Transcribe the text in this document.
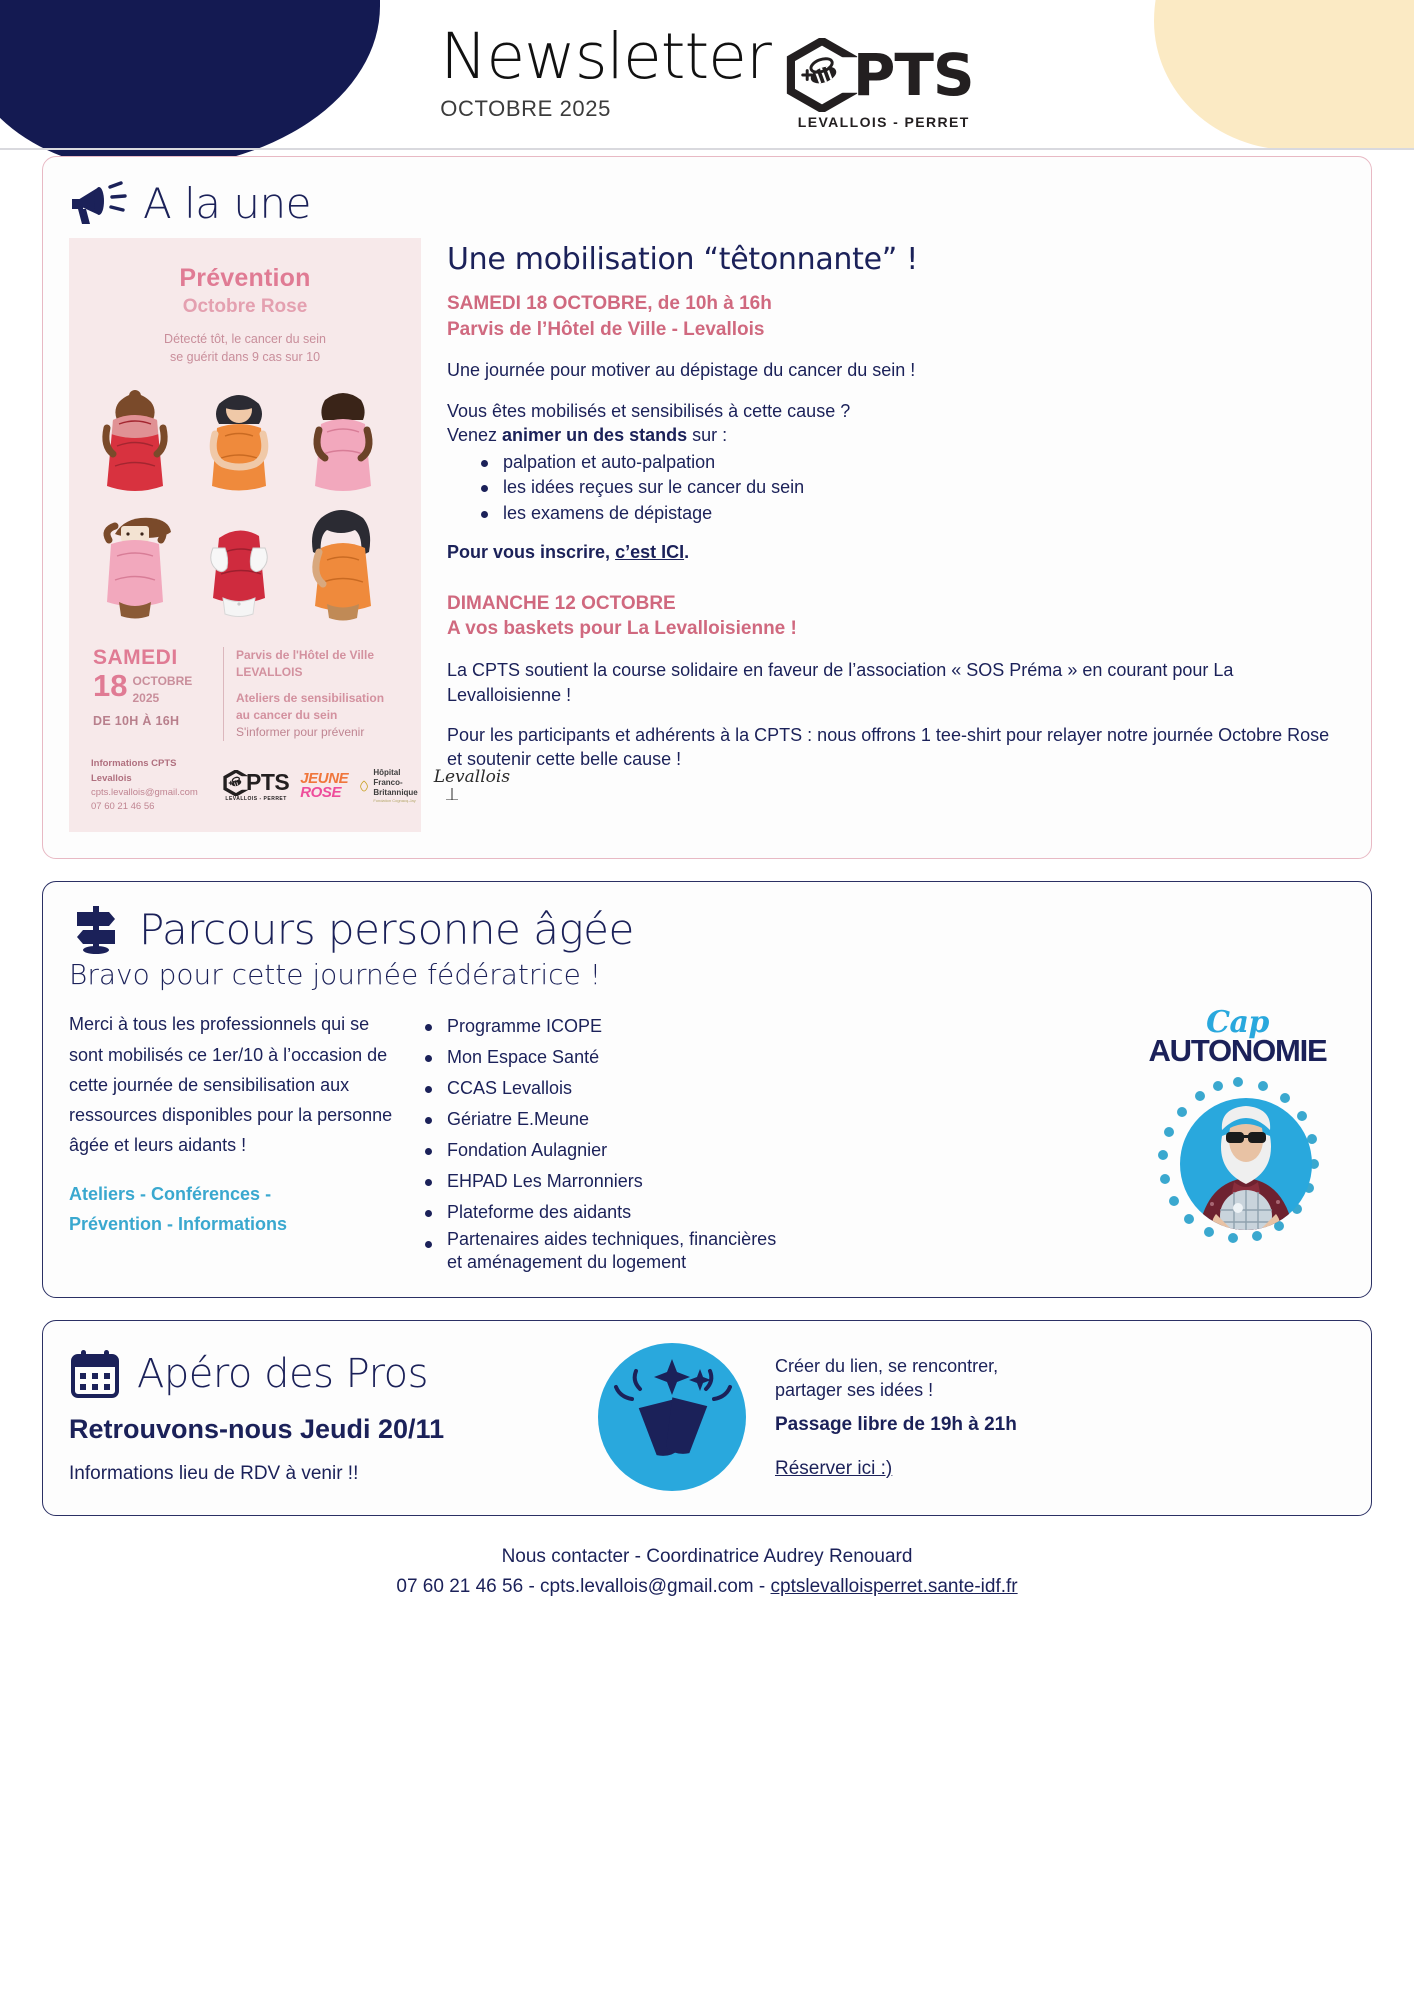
Newsletter
OCTOBRE 2025	PTS
LEVALLOIS - PERRET
A la une
Prévention
Octobre Rose
Détecté tôt, le cancer du sein
se guérit dans 9 cas sur 10
SAMEDI
18 OCTOBRE
2025
DE 10H À 16H
Parvis de l'Hôtel de Ville
LEVALLOIS
Ateliers de sensibilisation
au cancer du sein
S'informer pour prévenir
Informations CPTS Levallois
cpts.levallois@gmail.com
07 60 21 46 56
PTS
LEVALLOIS - PERRET
JEUNE
ROSE
Hôpital
Franco-Britannique
Fondation Cognacq-Jay
Levallois
Une mobilisation “têtonnante” !
SAMEDI 18 OCTOBRE, de 10h à 16h
Parvis de l’Hôtel de Ville - Levallois
Une journée pour motiver au dépistage du cancer du sein !
Vous êtes mobilisés et sensibilisés à cette cause ?
Venez animer un des stands sur :
palpation et auto-palpation
les idées reçues sur le cancer du sein
les examens de dépistage
Pour vous inscrire, c’est ICI.
DIMANCHE 12 OCTOBRE
A vos baskets pour La Levalloisienne !
La CPTS soutient la course solidaire en faveur de l’association « SOS Préma » en courant pour La Levalloisienne !
Pour les participants et adhérents à la CPTS : nous offrons 1 tee-shirt pour relayer notre journée Octobre Rose et soutenir cette belle cause !
Parcours personne âgée
Bravo pour cette journée fédératrice !
Merci à tous les professionnels qui se sont mobilisés ce 1er/10 à l’occasion de cette journée de sensibilisation aux ressources disponibles pour la personne âgée et leurs aidants !
Ateliers - Conférences -
Prévention - Informations
Programme ICOPE
Mon Espace Santé
CCAS Levallois
Gériatre E.Meune
Fondation Aulagnier
EHPAD Les Marronniers
Plateforme des aidants
Partenaires aides techniques, financières
et aménagement du logement
Cap
AUTONOMIE
Apéro des Pros
Retrouvons-nous Jeudi 20/11
Informations lieu de RDV à venir !!
Créer du lien, se rencontrer,
partager ses idées !
Passage libre de 19h à 21h
Réserver ici :)
Nous contacter - Coordinatrice Audrey Renouard
07 60 21 46 56 - cpts.levallois@gmail.com - cptslevalloisperret.sante-idf.fr
